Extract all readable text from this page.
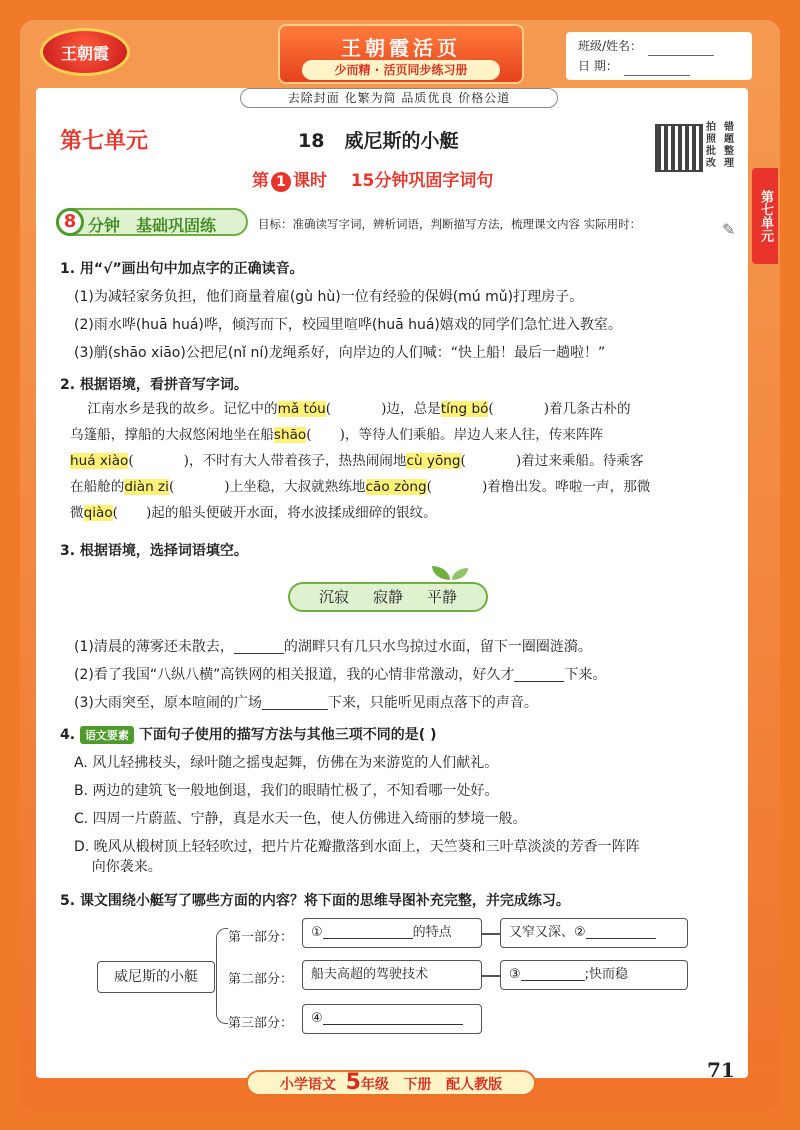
王朝霞	王朝霞活页
少而精 · 活页同步练习册
去除封面 化繁为简 品质优良 价格公道
班级/姓名：
日 期：
第七单元	18 威尼斯的小艇
拍 错
照 题
批 整
改 理
第 1 课时 15分钟巩固字词句
第七单元
8 分钟 基础巩固练	目标：准确读写字词，辨析词语，判断描写方法，梳理课文内容 实际用时：	✎
1. 用“√”画出句中加点字的正确读音。
(1)为减轻家务负担，他们商量着雇(gù hù)一位有经验的保姆(mú mǔ)打理房子。
(2)雨水哗(huā huá)哗，倾泻而下，校园里喧哗(huā huá)嬉戏的同学们急忙进入教室。
(3)艄(shāo xiāo)公把尼(nǐ ní)龙绳系好，向岸边的人们喊：“快上船！最后一趟啦！”
2. 根据语境，看拼音写字词。

江南水乡是我的故乡。记忆中的mǎ tóu(	)边，总是tíng bó(	)着几条古朴的

乌篷船，撑船的大叔悠闲地坐在船shāo( )，等待人们乘船。岸边人来人往，传来阵阵

huá xiào(	)，不时有大人带着孩子，热热闹闹地cù yōng(	)着过来乘船。待乘客

在船舱的diàn zi(	)上坐稳，大叔就熟练地cāo zòng(	)着橹出发。哗啦一声，那微

微qiào( )起的船头便破开水面，将水波揉成细碎的银纹。

3. 根据语境，选择词语填空。
沉寂 寂静 平静
(1)清晨的薄雾还未散去，	的湖畔只有几只水鸟掠过水面，留下一圈圈涟漪。
(2)看了我国“八纵八横”高铁网的相关报道，我的心情非常激动，好久才	下来。
(3)大雨突至，原本喧闹的广场	下来，只能听见雨点落下的声音。
4. 语文要素 下面句子使用的描写方法与其他三项不同的是( )
A. 风儿轻拂枝头，绿叶随之摇曳起舞，仿佛在为来游览的人们献礼。
B. 两边的建筑飞一般地倒退，我们的眼睛忙极了，不知看哪一处好。
C. 四周一片蔚蓝、宁静，真是水天一色，使人仿佛进入绮丽的梦境一般。
D. 晚风从椴树顶上轻轻吹过，把片片花瓣撒落到水面上，天竺葵和三叶草淡淡的芳香一阵阵
向你袭来。
5. 课文围绕小艇写了哪些方面的内容？将下面的思维导图补充完整，并完成练习。
威尼斯的小艇
第一部分：
第二部分：
第三部分：
①	的特点	又窄又深、②
船夫高超的驾驶技术	③	;快而稳
④
71
小学语文 5年级 下册 配人教版
